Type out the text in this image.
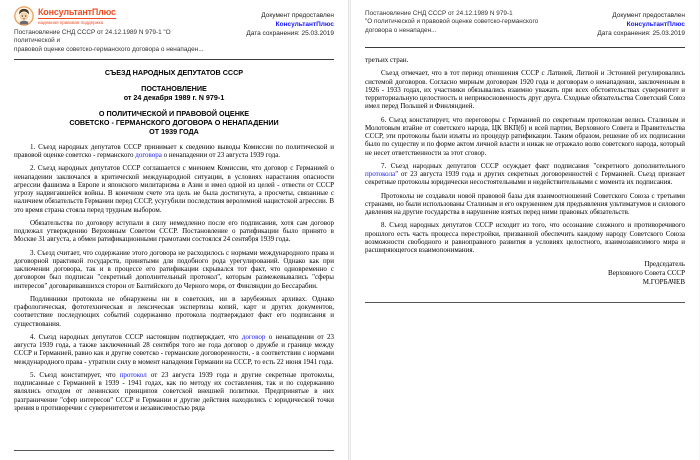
КонсультантПлюс
надежная правовая поддержка
Постановление СНД СССР от 24.12.1989 N 979-1 "О политической и
правовой оценке советско-германского договора о ненападен...
Документ предоставлен КонсультантПлюс
Дата сохранения: 25.03.2019
СЪЕЗД НАРОДНЫХ ДЕПУТАТОВ СССР
ПОСТАНОВЛЕНИЕ
от 24 декабря 1989 г. N 979-1
О ПОЛИТИЧЕСКОЙ И ПРАВОВОЙ ОЦЕНКЕ
СОВЕТСКО - ГЕРМАНСКОГО ДОГОВОРА О НЕНАПАДЕНИИ
ОТ 1939 ГОДА

1. Съезд народных депутатов СССР принимает к сведению выводы Комиссии по политической и правовой оценке советско - германского договора о ненападении от 23 августа 1939 года.

2. Съезд народных депутатов СССР соглашается с мнением Комиссии, что договор с Германией о ненападении заключался в критической международной ситуации, в условиях нарастания опасности агрессии фашизма в Европе и японского милитаризма в Азии и имел одной из целей - отвести от СССР угрозу надвигавшейся войны. В конечном счете эта цель не была достигнута, а просчеты, связанные с наличием обязательств Германии перед СССР, усугубили последствия вероломной нацистской агрессии. В это время страна стояла перед трудным выбором.

Обязательства по договору вступали в силу немедленно после его подписания, хотя сам договор подлежал утверждению Верховным Советом СССР. Постановление о ратификации было принято в Москве 31 августа, а обмен ратификационными грамотами состоялся 24 сентября 1939 года.

3. Съезд считает, что содержание этого договора не расходилось с нормами международного права и договорной практикой государств, принятыми для подобного рода урегулирований. Однако как при заключении договора, так и в процессе его ратификации скрывался тот факт, что одновременно с договором был подписан "секретный дополнительный протокол", которым размежевывались "сферы интересов" договаривавшихся сторон от Балтийского до Черного моря, от Финляндии до Бессарабии.

Подлинники протокола не обнаружены ни в советских, ни в зарубежных архивах. Однако графологическая, фототехническая и лексическая экспертизы копий, карт и других документов, соответствие последующих событий содержанию протокола подтверждают факт его подписания и существования.

4. Съезд народных депутатов СССР настоящим подтверждает, что договор о ненападении от 23 августа 1939 года, а также заключенный 28 сентября того же года договор о дружбе и границе между СССР и Германией, равно как и другие советско - германские договоренности, - в соответствии с нормами международного права - утратили силу в момент нападения Германии на СССР, то есть 22 июня 1941 года.

5. Съезд констатирует, что протокол от 23 августа 1939 года и другие секретные протоколы, подписанные с Германией в 1939 - 1941 годах, как по методу их составления, так и по содержанию являлись отходом от ленинских принципов советской внешней политики. Предпринятые в них разграничение "сфер интересов" СССР и Германии и другие действия находились с юридической точки зрения в противоречии с суверенитетом и независимостью ряда

Постановление СНД СССР от 24.12.1989 N 979-1
"О политической и правовой оценке советско-германского
договора о ненападен...
Документ предоставлен КонсультантПлюс
Дата сохранения: 25.03.2019

третьих стран.

Съезд отмечает, что в тот период отношения СССР с Латвией, Литвой и Эстонией регулировались системой договоров. Согласно мирным договорам 1920 года и договорам о ненападении, заключенным в 1926 - 1933 годах, их участники обязывались взаимно уважать при всех обстоятельствах суверенитет и территориальную целостность и неприкосновенность друг друга. Сходные обязательства Советский Союз имел перед Польшей и Финляндией.

6. Съезд констатирует, что переговоры с Германией по секретным протоколам велись Сталиным и Молотовым втайне от советского народа, ЦК ВКП(б) и всей партии, Верховного Совета и Правительства СССР, эти протоколы были изъяты из процедур ратификации. Таким образом, решение об их подписании было по существу и по форме актом личной власти и никак не отражало волю советского народа, который не несет ответственности за этот сговор.

7. Съезд народных депутатов СССР осуждает факт подписания "секретного дополнительного протокола" от 23 августа 1939 года и других секретных договоренностей с Германией. Съезд признает секретные протоколы юридически несостоятельными и недействительными с момента их подписания.

Протоколы не создавали новой правовой базы для взаимоотношений Советского Союза с третьими странами, но были использованы Сталиным и его окружением для предъявления ультиматумов и силового давления на другие государства в нарушение взятых перед ними правовых обязательств.

8. Съезд народных депутатов СССР исходит из того, что осознание сложного и противоречивого прошлого есть часть процесса перестройки, призванной обеспечить каждому народу Советского Союза возможности свободного и равноправного развития в условиях целостного, взаимозависимого мира и расширяющегося взаимопонимания.

Председатель
Верховного Совета СССР
М.ГОРБАЧЕВ
